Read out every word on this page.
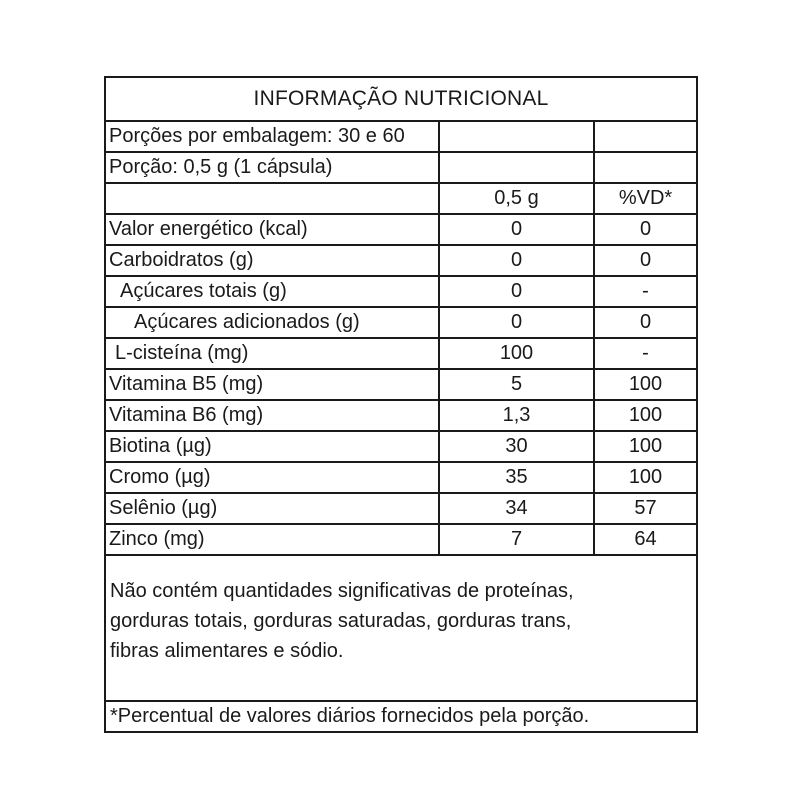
INFORMAÇÃO NUTRICIONAL		
Porções por embalagem: 30 e 60		
Porção: 0,5 g (1 cápsula)		
	0,5 g	%VD*
Valor energético (kcal)	0	0
Carboidratos (g)	0	0
Açúcares totais (g)	0	-
Açúcares adicionados (g)	0	0
L-cisteína (mg)	100	-
Vitamina B5 (mg)	5	100
Vitamina B6 (mg)	1,3	100
Biotina (µg)	30	100
Cromo (µg)	35	100
Selênio (µg)	34	57
Zinco (mg)	7	64

Não contém quantidades significativas de proteínas,
gorduras totais, gorduras saturadas, gorduras trans,
fibras alimentares e sódio.		

*Percentual de valores diários fornecidos pela porção.		
